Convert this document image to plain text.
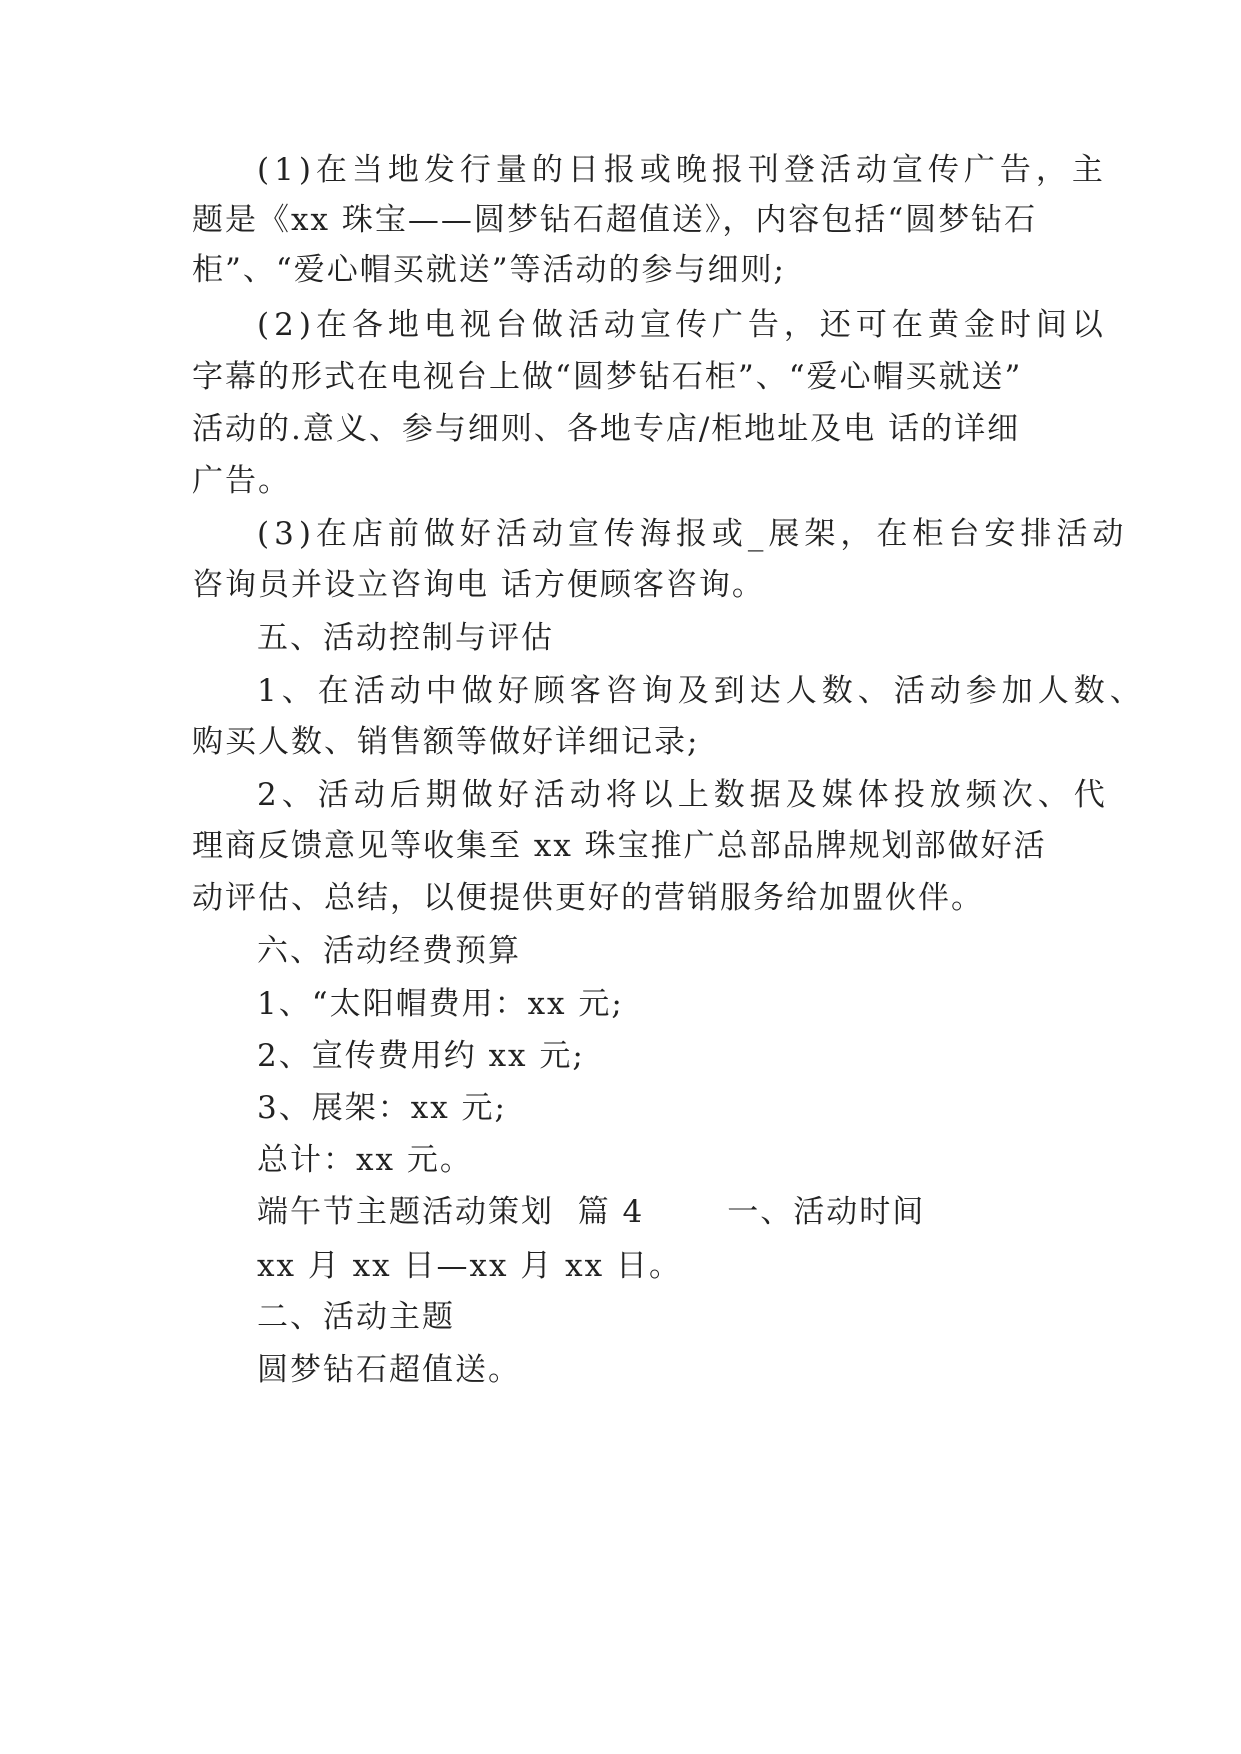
(1)在当地发行量的日报或晚报刊登活动宣传广告，主
题是《xx 珠宝——圆梦钻石超值送》，内容包括“圆梦钻石
柜”、“爱心帽买就送”等活动的参与细则;
(2)在各地电视台做活动宣传广告，还可在黄金时间以
字幕的形式在电视台上做“圆梦钻石柜”、“爱心帽买就送”
活动的.意义、参与细则、各地专店/柜地址及电 话的详细
广告。
(3)在店前做好活动宣传海报或_展架，在柜台安排活动
咨询员并设立咨询电 话方便顾客咨询。
五、活动控制与评估
1、在活动中做好顾客咨询及到达人数、活动参加人数、
购买人数、销售额等做好详细记录;
2、活动后期做好活动将以上数据及媒体投放频次、代
理商反馈意见等收集至 xx 珠宝推广总部品牌规划部做好活
动评估、总结，以便提供更好的营销服务给加盟伙伴。
六、活动经费预算
1、“太阳帽费用：xx 元;
2、宣传费用约 xx 元;
3、展架：xx 元;
总计：xx 元。
端午节主题活动策划  篇 4       一、活动时间
xx 月 xx 日—xx 月 xx 日。
二、活动主题
圆梦钻石超值送。
